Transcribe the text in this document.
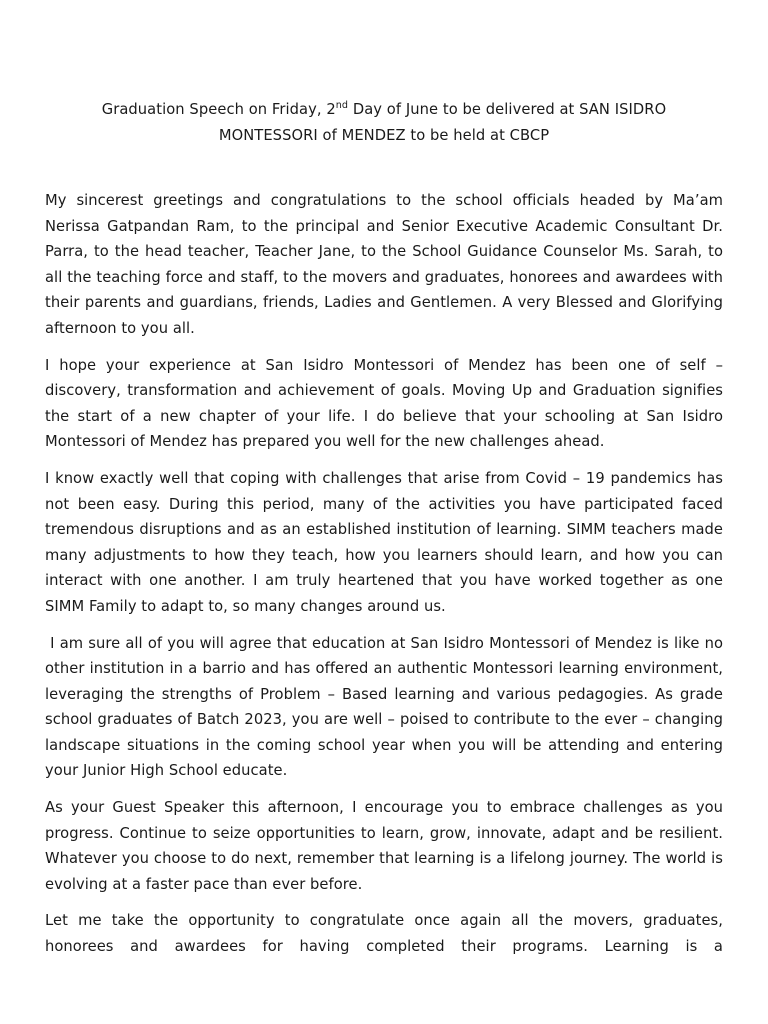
Graduation Speech on Friday, 2nd Day of June to be delivered at SAN ISIDRO
MONTESSORI of MENDEZ to be held at CBCP

My sincerest greetings and congratulations to the school officials headed by Ma’am Nerissa Gatpandan Ram, to the principal and Senior Executive Academic Consultant Dr. Parra, to the head teacher, Teacher Jane, to the School Guidance Counselor Ms. Sarah, to all the teaching force and staff, to the movers and graduates, honorees and awardees with their parents and guardians, friends, Ladies and Gentlemen. A very Blessed and Glorifying afternoon to you all.

I hope your experience at San Isidro Montessori of Mendez has been one of self – discovery, transformation and achievement of goals. Moving Up and Graduation signifies the start of a new chapter of your life. I do believe that your schooling at San Isidro Montessori of Mendez has prepared you well for the new challenges ahead.

I know exactly well that coping with challenges that arise from Covid – 19 pandemics has not been easy. During this period, many of the activities you have participated faced tremendous disruptions and as an established institution of learning. SIMM teachers made many adjustments to how they teach, how you learners should learn, and how you can interact with one another. I am truly heartened that you have worked together as one SIMM Family to adapt to, so many changes around us.

I am sure all of you will agree that education at San Isidro Montessori of Mendez is like no other institution in a barrio and has offered an authentic Montessori learning environment, leveraging the strengths of Problem – Based learning and various pedagogies. As grade school graduates of Batch 2023, you are well – poised to contribute to the ever – changing landscape situations in the coming school year when you will be attending and entering your Junior High School educate.

As your Guest Speaker this afternoon, I encourage you to embrace challenges as you progress. Continue to seize opportunities to learn, grow, innovate, adapt and be resilient. Whatever you choose to do next, remember that learning is a lifelong journey. The world is evolving at a faster pace than ever before.

Let me take the opportunity to congratulate once again all the movers, graduates, honorees and awardees for having completed their programs. Learning is a
